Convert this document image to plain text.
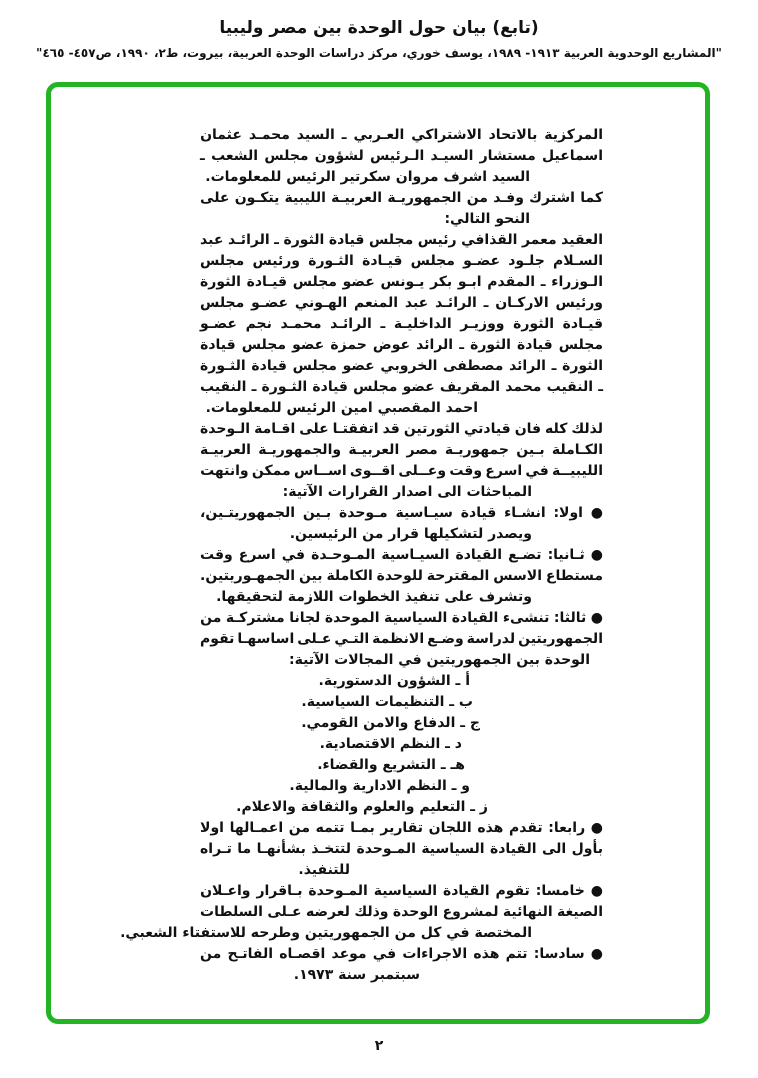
(تابع) بيان حول الوحدة بين مصر وليبيا
"المشاريع الوحدوية العربية ١٩١٣- ١٩٨٩، يوسف خوري، مركز دراسات الوحدة العربية، بيروت، ط٢، ١٩٩٠، ص٤٥٧- ٤٦٥"
المركزية
بالاتحاد
الاشتراكي
العـربي
ـ
السيد
محمـد
عثمان
اسماعيل
مستشار
السيـد
الـرئيس
لشؤون
مجلس
الشعب
ـ
السيد اشرف مروان سكرتير الرئيس للمعلومات.
كما
اشترك
وفـد
من
الجمهوريـة
العربيـة
الليبية
يتكـون
على
النحو التالي:
العقيد
معمر
القذافي
رئيس
مجلس
قيادة
الثورة
ـ
الرائـد
عبد
السـلام
جلـود
عضـو
مجلس
قيـادة
الثـورة
ورئيس
مجلس
الـوزراء
ـ
المقدم
ابـو
بكر
يـونس
عضو
مجلس
قيـادة
الثورة
ورئيس
الاركـان
ـ
الرائـد
عبد
المنعم
الهـوني
عضـو
مجلس
قيـادة
الثورة
ووزيـر
الداخليـة
ـ
الرائـد
محمـد
نجم
عضـو
مجلس
قيادة
الثورة
ـ
الرائد
عوض
حمزة
عضو
مجلس
قيادة
الثورة
ـ
الرائد
مصطفى
الخروبي
عضو
مجلس
قيادة
الثـورة
ـ
النقيب
محمد
المقريف
عضو
مجلس
قيادة
الثـورة
ـ
النقيب
احمد المقصبي امين الرئيس للمعلومات.
لذلك
كله
فان
قيادتي
الثورتين
قد
اتفقتـا
على
اقـامة
الـوحدة
الكـاملة
بـين
جمهوريـة
مصر
العربيـة
والجمهوريـة
العربيـة
الليبيــة
في
اسرع
وقت
وعــلى
اقــوى
اســاس
ممكن
وانتهت
المباحثات الى اصدار القرارات الآتية:
●
اولا:
انشـاء
قيادة
سيـاسية
مـوحدة
بـين
الجمهوريتـين،
ويصدر لتشكيلها قرار من الرئيسين.
●
ثـانيا:
تضـع
القيادة
السيـاسية
المـوحـدة
في
اسرع
وقت
مستطاع
الاسس
المقترحة
للوحدة
الكاملة
بين
الجمهـوريتين.
وتشرف على تنفيذ الخطوات اللازمة لتحقيقها.
●
ثالثا:
تنشىء
القيادة
السياسية
الموحدة
لجانا
مشتركـة
من
الجمهوريتين
لدراسة
وضـع
الانظمة
التـي
عـلى
اساسهـا
تقوم
الوحدة بين الجمهوريتين في المجالات الآتية:
أ ـ الشؤون الدستورية.
ب ـ التنظيمات السياسية.
ج ـ الدفاع والامن القومي.
د ـ النظم الاقتصادية.
هـ ـ التشريع والقضاء.
و ـ النظم الادارية والمالية.
ز ـ التعليم والعلوم والثقافة والاعلام.
●
رابعا:
تقدم
هذه
اللجان
تقارير
بمـا
تتمه
من
اعمـالها
اولا
بأول
الى
القيادة
السياسية
المـوحدة
لتتخـذ
بشأنهـا
ما
تـراه
للتنفيذ.
●
خامسا:
تقوم
القيادة
السياسية
المـوحدة
بـاقرار
واعـلان
الصيغة
النهائية
لمشروع
الوحدة
وذلك
لعرضه
عـلى
السلطات
المختصة في كل من الجمهوريتين وطرحه للاستفتاء الشعبي.
●
سادسا:
تتم
هذه
الاجراءات
في
موعد
اقصـاه
الفاتـح
من
سبتمبر سنة ١٩٧٣.
٢
